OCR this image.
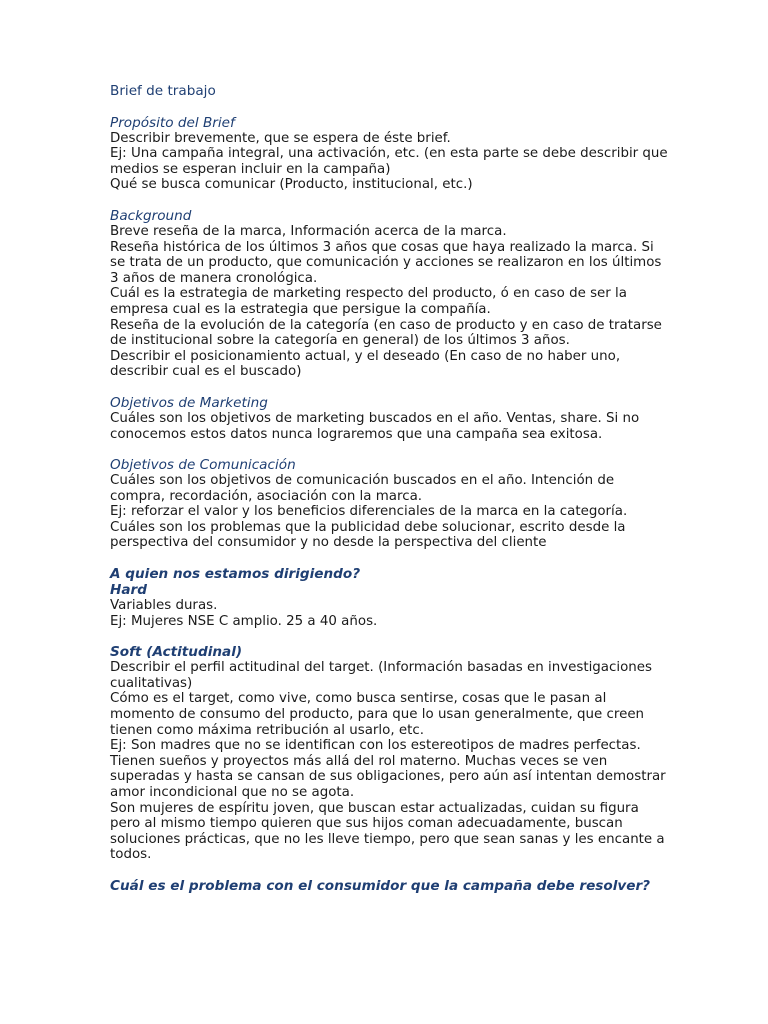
Brief de trabajo
Propósito del Brief
Describir brevemente, que se espera de éste brief.
Ej: Una campaña integral, una activación, etc. (en esta parte se debe describir que medios se esperan incluir en la campaña)
Qué se busca comunicar (Producto, institucional, etc.)
Background
Breve reseña de la marca, Información acerca de la marca.
Reseña histórica de los últimos 3 años que cosas que haya realizado la marca. Si se trata de un producto, que comunicación y acciones se realizaron en los últimos 3 años de manera cronológica.
Cuál es la estrategia de marketing respecto del producto, ó en caso de ser la empresa cual es la estrategia que persigue la compañía.
Reseña de la evolución de la categoría (en caso de producto y en caso de tratarse de institucional sobre la categoría en general) de los últimos 3 años.
Describir el posicionamiento actual, y el deseado (En caso de no haber uno, describir cual es el buscado)
Objetivos de Marketing
Cuáles son los objetivos de marketing buscados en el año. Ventas, share. Si no conocemos estos datos nunca lograremos que una campaña sea exitosa.
Objetivos de Comunicación
Cuáles son los objetivos de comunicación buscados en el año. Intención de compra, recordación, asociación con la marca.
Ej: reforzar el valor y los beneficios diferenciales de la marca en la categoría.
Cuáles son los problemas que la publicidad debe solucionar, escrito desde la perspectiva del consumidor y no desde la perspectiva del cliente
A quien nos estamos dirigiendo?
Hard
Variables duras.
Ej: Mujeres NSE C amplio. 25 a 40 años.
Soft (Actitudinal)
Describir el perfil actitudinal del target. (Información basadas en investigaciones cualitativas)
Cómo es el target, como vive, como busca sentirse, cosas que le pasan al momento de consumo del producto, para que lo usan generalmente, que creen tienen como máxima retribución al usarlo, etc.
Ej: Son madres que no se identifican con los estereotipos de madres perfectas. Tienen sueños y proyectos más allá del rol materno. Muchas veces se ven superadas y hasta se cansan de sus obligaciones, pero aún así intentan demostrar amor incondicional que no se agota.
Son mujeres de espíritu joven, que buscan estar actualizadas, cuidan su figura pero al mismo tiempo quieren que sus hijos coman adecuadamente, buscan soluciones prácticas, que no les lleve tiempo, pero que sean sanas y les encante a todos.
Cuál es el problema con el consumidor que la campaña debe resolver?
